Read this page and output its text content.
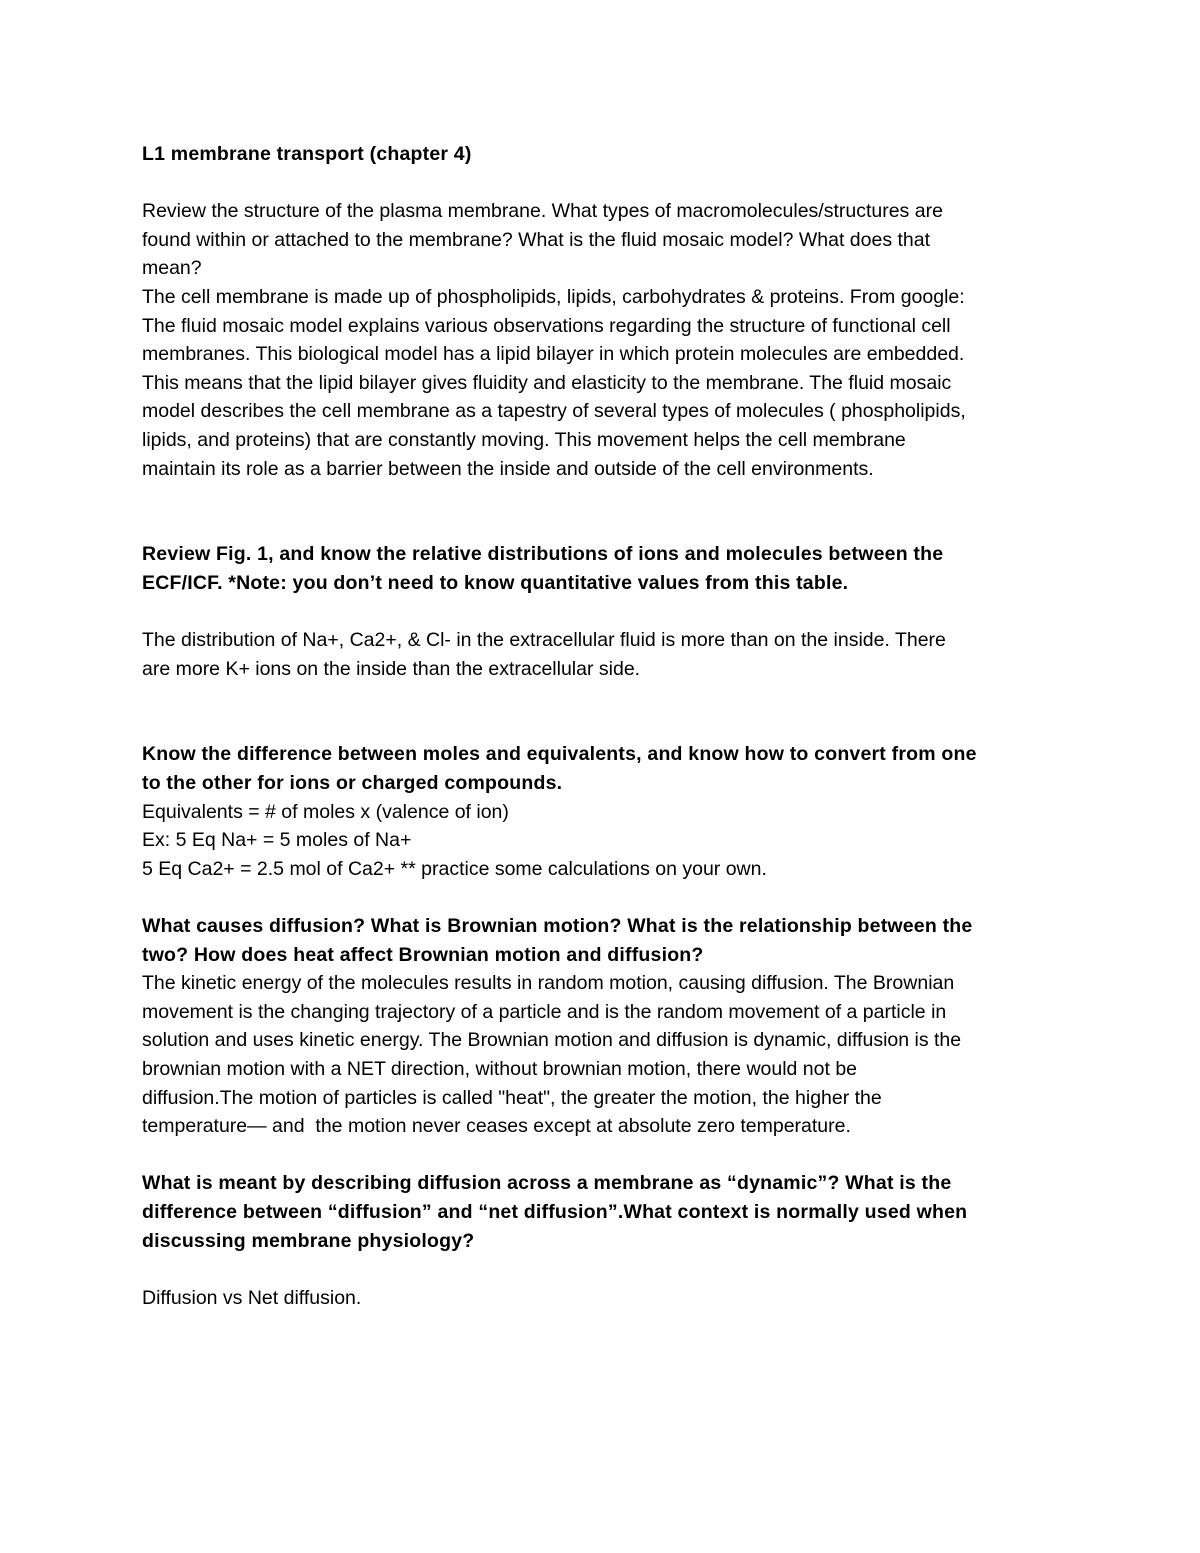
L1 membrane transport (chapter 4)
Review the structure of the plasma membrane. What types of macromolecules/structures are
found within or attached to the membrane? What is the fluid mosaic model? What does that
mean?
The cell membrane is made up of phospholipids, lipids, carbohydrates & proteins. From google:
The fluid mosaic model explains various observations regarding the structure of functional cell
membranes. This biological model has a lipid bilayer in which protein molecules are embedded.
This means that the lipid bilayer gives fluidity and elasticity to the membrane. The fluid mosaic
model describes the cell membrane as a tapestry of several types of molecules ( phospholipids,
lipids, and proteins) that are constantly moving. This movement helps the cell membrane
maintain its role as a barrier between the inside and outside of the cell environments.
Review Fig. 1, and know the relative distributions of ions and molecules between the
ECF/ICF. *Note: you don’t need to know quantitative values from this table.
The distribution of Na+, Ca2+, & Cl- in the extracellular fluid is more than on the inside. There
are more K+ ions on the inside than the extracellular side.
Know the difference between moles and equivalents, and know how to convert from one
to the other for ions or charged compounds.
Equivalents = # of moles x (valence of ion)
Ex: 5 Eq Na+ = 5 moles of Na+
5 Eq Ca2+ = 2.5 mol of Ca2+ ** practice some calculations on your own.
What causes diffusion? What is Brownian motion? What is the relationship between the
two? How does heat affect Brownian motion and diffusion?
The kinetic energy of the molecules results in random motion, causing diffusion. The Brownian
movement is the changing trajectory of a particle and is the random movement of a particle in
solution and uses kinetic energy. The Brownian motion and diffusion is dynamic, diffusion is the
brownian motion with a NET direction, without brownian motion, there would not be
diffusion.The motion of particles is called "heat", the greater the motion, the higher the
temperature— and  the motion never ceases except at absolute zero temperature.
What is meant by describing diffusion across a membrane as “dynamic”? What is the
difference between “diffusion” and “net diffusion”.What context is normally used when
discussing membrane physiology?
Diffusion vs Net diffusion.
